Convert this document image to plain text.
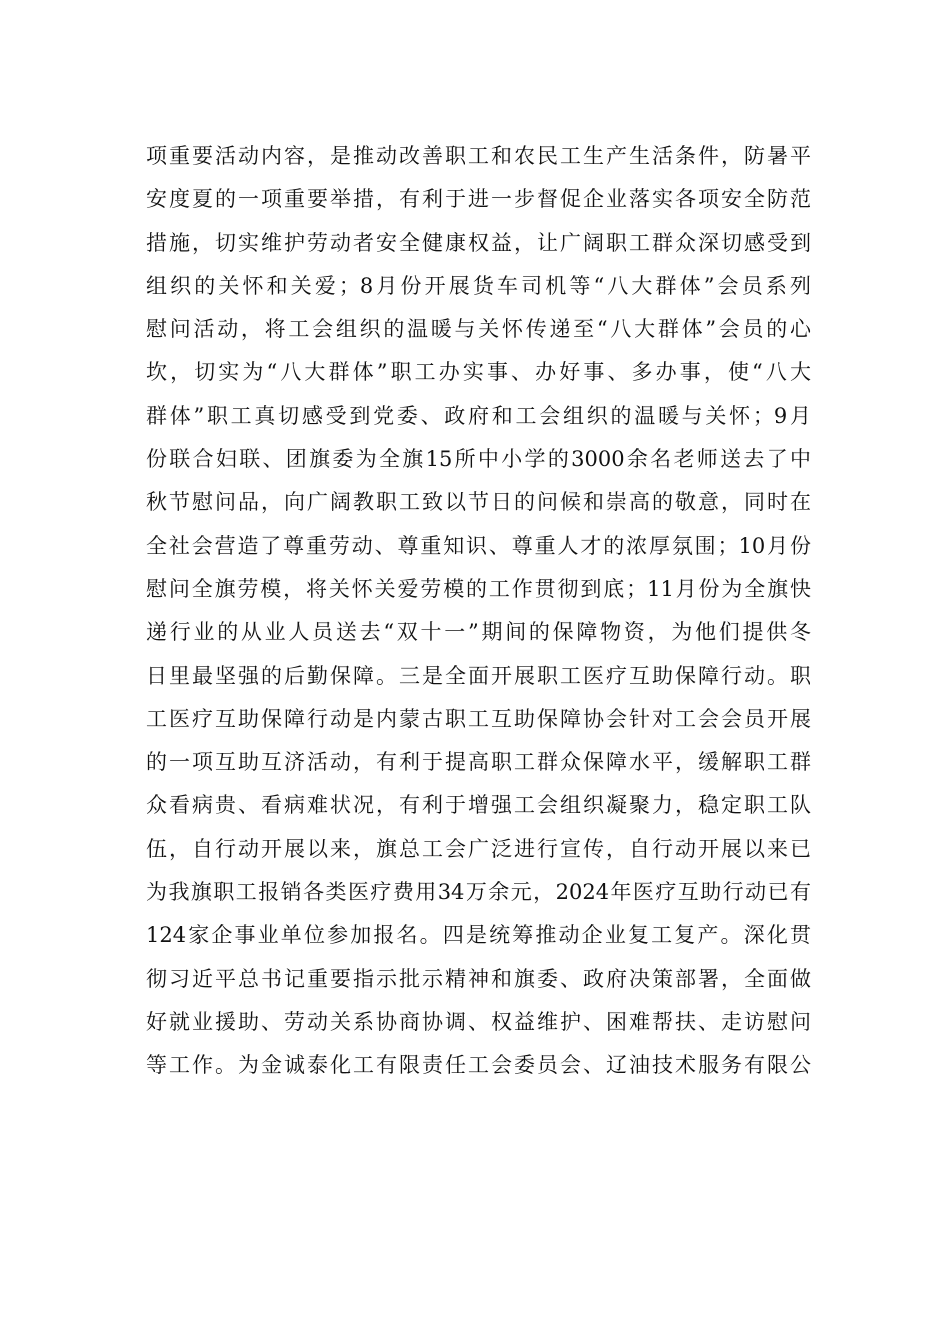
项重要活动内容，是推动改善职工和农民工生产生活条件，防暑平
安度夏的一项重要举措，有利于进一步督促企业落实各项安全防范
措施，切实维护劳动者安全健康权益，让广阔职工群众深切感受到
组织的关怀和关爱；8月份开展货车司机等“八大群体”会员系列
慰问活动，将工会组织的温暖与关怀传递至“八大群体”会员的心
坎，切实为“八大群体”职工办实事、办好事、多办事，使“八大
群体”职工真切感受到党委、政府和工会组织的温暖与关怀；9月
份联合妇联、团旗委为全旗15所中小学的3000余名老师送去了中
秋节慰问品，向广阔教职工致以节日的问候和崇高的敬意，同时在
全社会营造了尊重劳动、尊重知识、尊重人才的浓厚氛围；10月份
慰问全旗劳模，将关怀关爱劳模的工作贯彻到底；11月份为全旗快
递行业的从业人员送去“双十一”期间的保障物资，为他们提供冬
日里最坚强的后勤保障。三是全面开展职工医疗互助保障行动。职
工医疗互助保障行动是内蒙古职工互助保障协会针对工会会员开展
的一项互助互济活动，有利于提高职工群众保障水平，缓解职工群
众看病贵、看病难状况，有利于增强工会组织凝聚力，稳定职工队
伍，自行动开展以来，旗总工会广泛进行宣传，自行动开展以来已
为我旗职工报销各类医疗费用34万余元，2024年医疗互助行动已有
124家企事业单位参加报名。四是统筹推动企业复工复产。深化贯
彻习近平总书记重要指示批示精神和旗委、政府决策部署，全面做
好就业援助、劳动关系协商协调、权益维护、困难帮扶、走访慰问
等工作。为金诚泰化工有限责任工会委员会、辽油技术服务有限公
